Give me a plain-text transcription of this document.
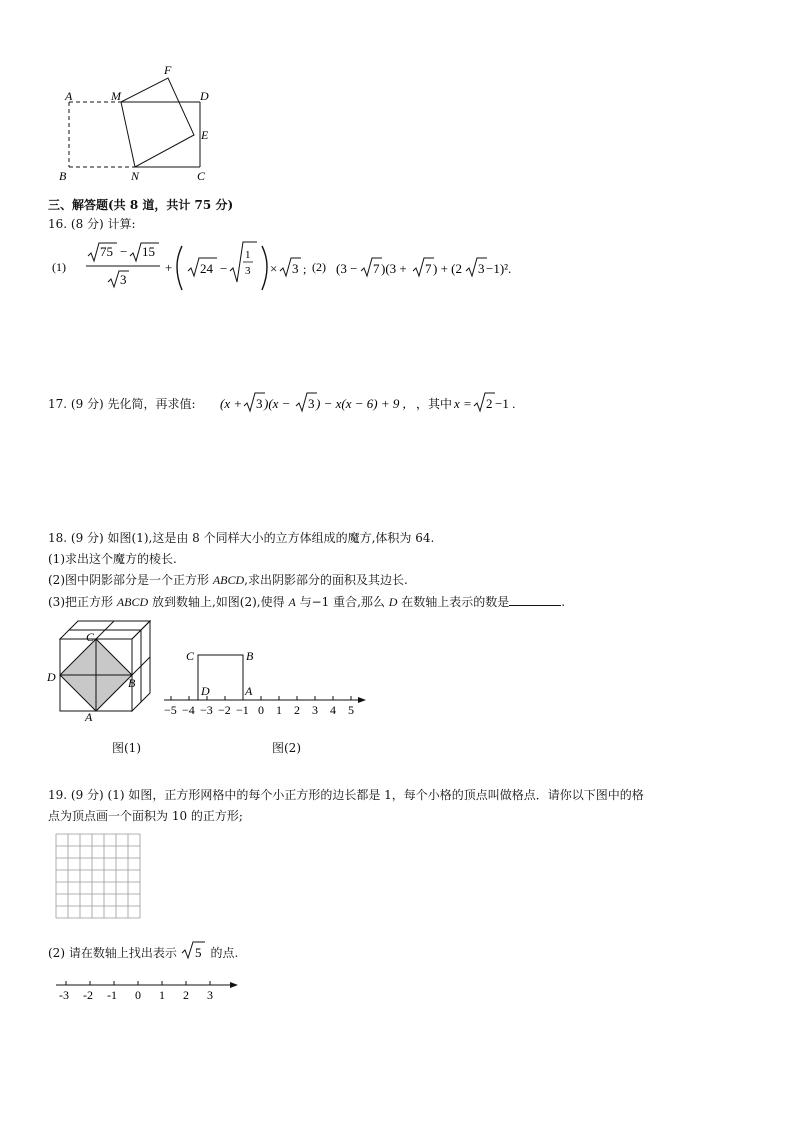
A	M
F
D
E
B	N	C
三、解答题(共 8 道，共计 75 分)
16. (8 分) 计算:
(1)
75 − 15
3
+ 24 −
1
3 × 3 ; (2) (3 − 7 )(3 + 7 ) + (2 3 −1)².
17. (9 分) 先化简，再求值: (x + 3 )(x − 3 ) − x(x − 6) + 9 , ，其中 x = 2 −1 .
18. (9 分) 如图(1),这是由 8 个同样大小的立方体组成的魔方,体积为 64.
(1)求出这个魔方的棱长.
(2)图中阴影部分是一个正方形 ABCD,求出阴影部分的面积及其边长.
(3)把正方形 ABCD 放到数轴上,如图(2),使得 A 与−1 重合,那么 D 在数轴上表示的数是	.
C
D	B
A
C	B
D	A
−5 −4 −3 −2 −1 0 1 2 3 4 5
图(1)	图(2)
19. (9 分) (1) 如图，正方形网格中的每个小正方形的边长都是 1，每个小格的顶点叫做格点．请你以下图中的格
点为顶点画一个面积为 10 的正方形;
(2) 请在数轴上找出表示 5 的点.
-3 -2 -1 0 1 2 3
